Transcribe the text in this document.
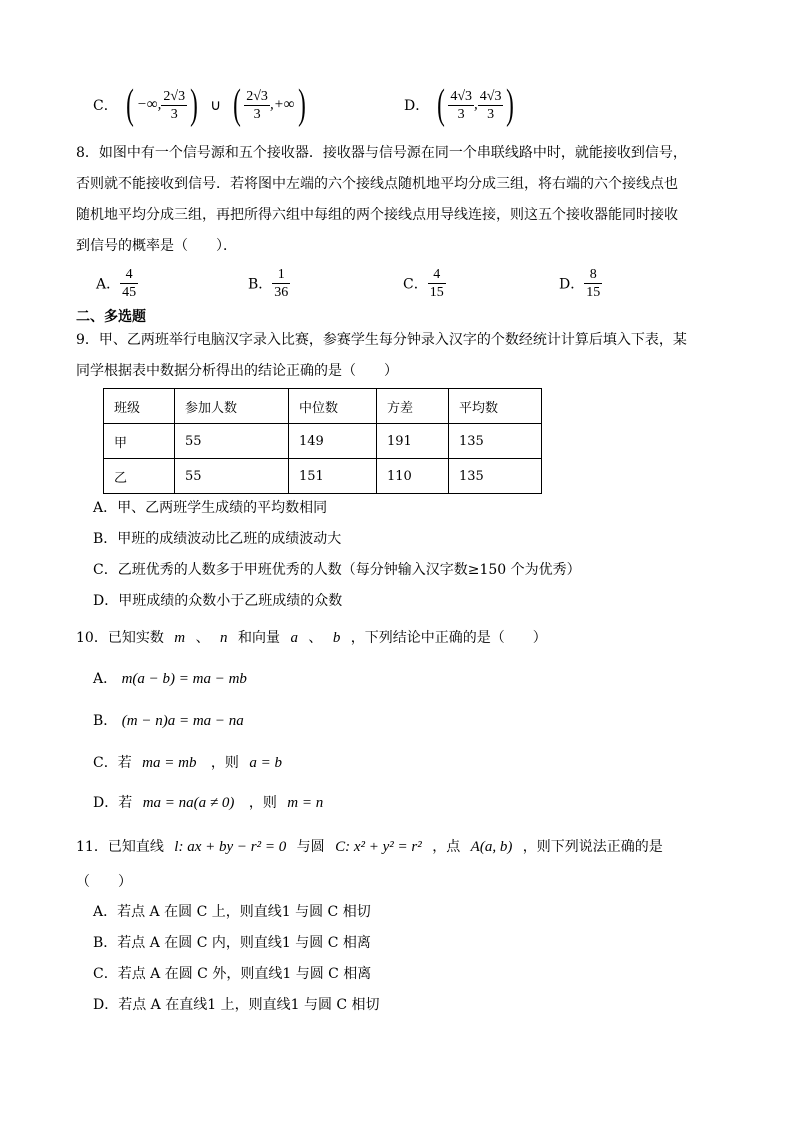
C． ( −∞, $\frac{2√3}{3}$ ) ∪ ( $\frac{2√3}{3}$ ,+∞)	D． ( $\frac{4√3}{3}$ , $\frac{4√3}{3}$ )
8．如图中有一个信号源和五个接收器．接收器与信号源在同一个串联线路中时，就能接收到信号，
否则就不能接收到信号．若将图中左端的六个接线点随机地平均分成三组，将右端的六个接线点也
随机地平均分成三组，再把所得六组中每组的两个接线点用导线连接，则这五个接收器能同时接收
到信号的概率是（　　）．
A． $\frac{4}{45}$	B． $\frac{1}{36}$	C． $\frac{4}{15}$	D． $\frac{8}{15}$
二、多选题
9．甲、乙两班举行电脑汉字录入比赛，参赛学生每分钟录入汉字的个数经统计计算后填入下表，某
同学根据表中数据分析得出的结论正确的是（　　）
班级	参加人数	中位数	方差	平均数
甲	55	149	191	135
乙	55	151	110	135
A．甲、乙两班学生成绩的平均数相同
B．甲班的成绩波动比乙班的成绩波动大
C．乙班优秀的人数多于甲班优秀的人数（每分钟输入汉字数≥150 个为优秀）
D．甲班成绩的众数小于乙班成绩的众数
10．已知实数 m 、 n 和向量 a 、 b ，下列结论中正确的是（　　）
A． m(a − b) = ma − mb
B． (m − n)a = ma − na
C．若 ma = mb ，则 a = b
D．若 ma = na(a ≠ 0) ，则 m = n
11．已知直线 l: ax + by − r² = 0 与圆 C: x² + y² = r² ，点 A(a, b) ，则下列说法正确的是
（　　）
A．若点 A 在圆 C 上，则直线1 与圆 C 相切
B．若点 A 在圆 C 内，则直线1 与圆 C 相离
C．若点 A 在圆 C 外，则直线1 与圆 C 相离
D．若点 A 在直线1 上，则直线1 与圆 C 相切
